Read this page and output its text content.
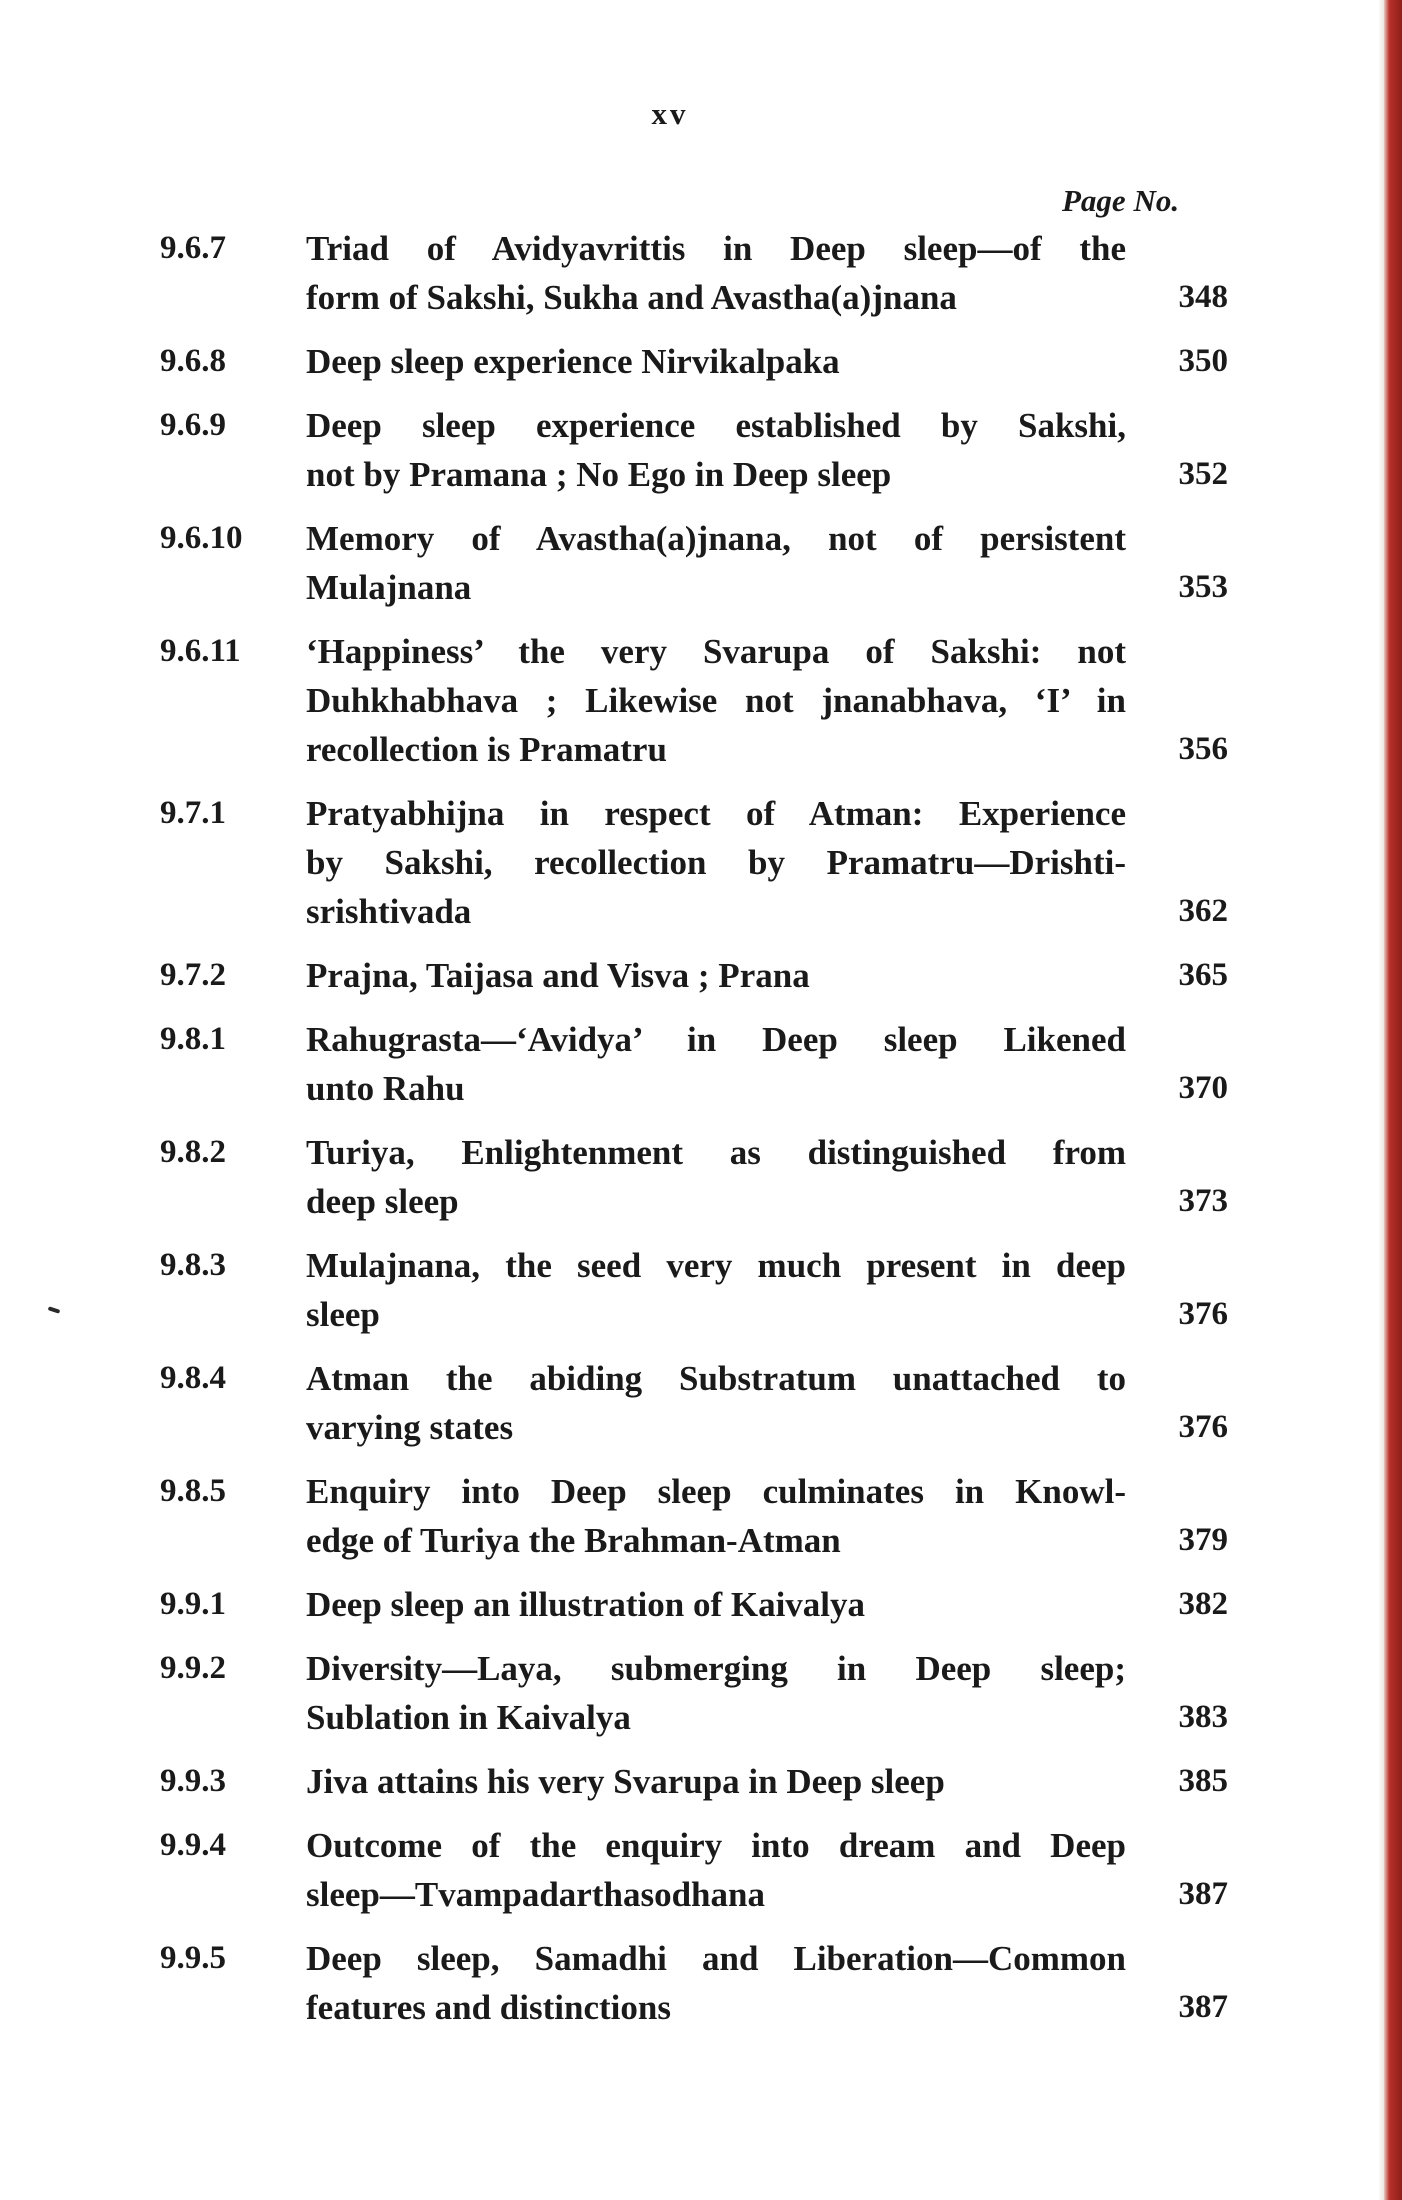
xv
Page No.
9.6.7	Triad of Avidyavrittis in Deep sleep—of the
form of Sakshi, Sukha and Avastha(a)jnana	348
9.6.8	Deep sleep experience Nirvikalpaka	350
9.6.9	Deep sleep experience established by Sakshi,
not by Pramana ; No Ego in Deep sleep	352
9.6.10	Memory of Avastha(a)jnana, not of persistent
Mulajnana	353
9.6.11	‘Happiness’ the very Svarupa of Sakshi: not
Duhkhabhava ; Likewise not jnanabhava, ‘I’ in
recollection is Pramatru	356
9.7.1	Pratyabhijna in respect of Atman: Experience
by Sakshi, recollection by Pramatru—Drishti-
srishtivada	362
9.7.2	Prajna, Taijasa and Visva ; Prana	365
9.8.1	Rahugrasta—‘Avidya’ in Deep sleep Likened
unto Rahu	370
9.8.2	Turiya, Enlightenment as distinguished from
deep sleep	373
9.8.3	Mulajnana, the seed very much present in deep
sleep	376
9.8.4	Atman the abiding Substratum unattached to
varying states	376
9.8.5	Enquiry into Deep sleep culminates in Knowl-
edge of Turiya the Brahman-Atman	379
9.9.1	Deep sleep an illustration of Kaivalya	382
9.9.2	Diversity—Laya, submerging in Deep sleep;
Sublation in Kaivalya	383
9.9.3	Jiva attains his very Svarupa in Deep sleep	385
9.9.4	Outcome of the enquiry into dream and Deep
sleep—Tvampadarthasodhana	387
9.9.5	Deep sleep, Samadhi and Liberation—Common
features and distinctions	387
